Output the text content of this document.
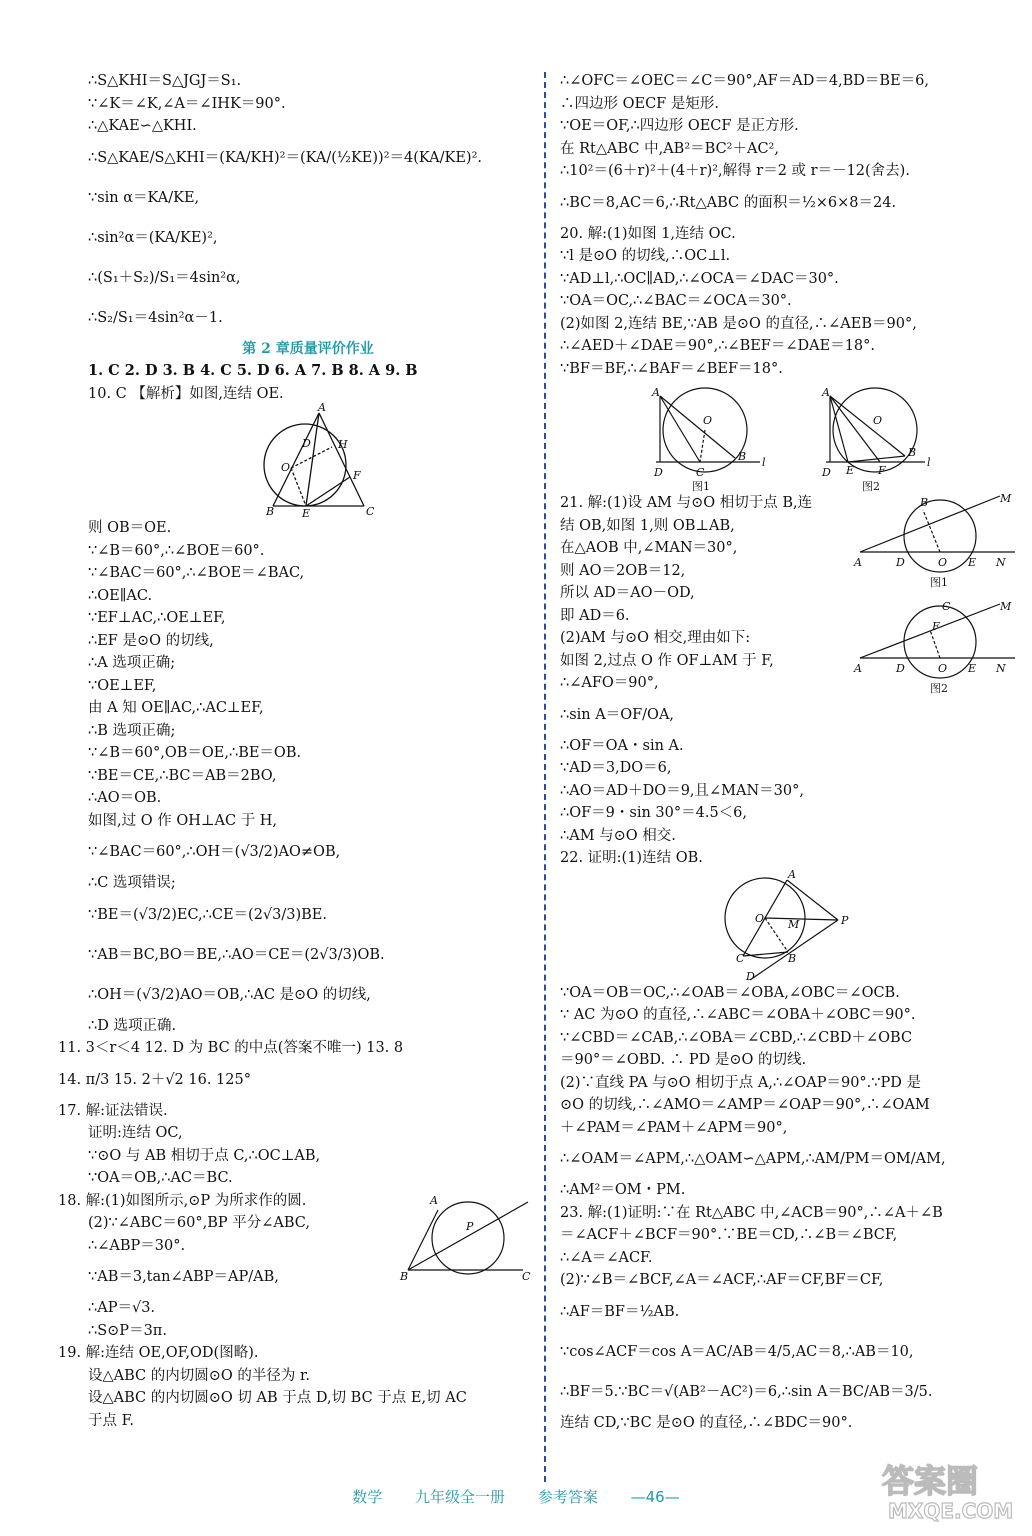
∴S△KHI＝S△JGJ＝S₁.
∵∠K＝∠K,∠A＝∠IHK＝90°.
∴△KAE∽△KHI.
∴S△KAE/S△KHI＝(KA/KH)²＝(KA/(½KE))²＝4(KA/KE)².
∵sin α＝KA/KE,
∴sin²α＝(KA/KE)²,
∴(S₁＋S₂)/S₁＝4sin²α,
∴S₂/S₁＝4sin²α－1.
第 2 章质量评价作业
1. C 2. D 3. B 4. C 5. D 6. A 7. B 8. A 9. B
10. C 【解析】如图,连结 OE.
A
D H
O
F
B	E	C
则 OB＝OE.
∵∠B＝60°,∴∠BOE＝60°.
∵∠BAC＝60°,∴∠BOE＝∠BAC,
∴OE∥AC.
∵EF⊥AC,∴OE⊥EF,
∴EF 是⊙O 的切线,
∴A 选项正确;
∵OE⊥EF,
由 A 知 OE∥AC,∴AC⊥EF,
∴B 选项正确;
∵∠B＝60°,OB＝OE,∴BE＝OB.
∵BE＝CE,∴BC＝AB＝2BO,
∴AO＝OB.
如图,过 O 作 OH⊥AC 于 H,
∵∠BAC＝60°,∴OH＝(√3/2)AO≠OB,
∴C 选项错误;
∵BE＝(√3/2)EC,∴CE＝(2√3/3)BE.
∵AB＝BC,BO＝BE,∴AO＝CE＝(2√3/3)OB.
∴OH＝(√3/2)AO＝OB,∴AC 是⊙O 的切线,
∴D 选项正确.
11. 3＜r＜4 12. D 为 BC 的中点(答案不唯一) 13. 8
14. π/3 15. 2＋√2 16. 125°
17. 解:证法错误.
证明:连结 OC,
∵⊙O 与 AB 相切于点 C,∴OC⊥AB,
∵OA＝OB,∴AC＝BC.
A
P
B	C
18. 解:(1)如图所示,⊙P 为所求作的圆.
(2)∵∠ABC＝60°,BP 平分∠ABC,
∴∠ABP＝30°.
∵AB＝3,tan∠ABP＝AP/AB,
∴AP＝√3.
∴S⊙P＝3π.
19. 解:连结 OE,OF,OD(图略).
设△ABC 的内切圆⊙O 的半径为 r.
设△ABC 的内切圆⊙O 切 AB 于点 D,切 BC 于点 E,切 AC
于点 F.
∴∠OFC＝∠OEC＝∠C＝90°,AF＝AD＝4,BD＝BE＝6,
∴四边形 OECF 是矩形.
∵OE＝OF,∴四边形 OECF 是正方形.
在 Rt△ABC 中,AB²＝BC²＋AC²,
∴10²＝(6＋r)²＋(4＋r)²,解得 r＝2 或 r＝－12(舍去).
∴BC＝8,AC＝6,∴Rt△ABC 的面积＝½×6×8＝24.
20. 解:(1)如图 1,连结 OC.
∵l 是⊙O 的切线,∴OC⊥l.
∵AD⊥l,∴OC∥AD,∴∠OCA＝∠DAC＝30°.
∵OA＝OC,∴∠BAC＝∠OCA＝30°.
(2)如图 2,连结 BE,∵AB 是⊙O 的直径,∴∠AEB＝90°,
∴∠AED＋∠DAE＝90°,∴∠BEF＝∠DAE＝18°.
∵BF＝BF,∴∠BAF＝∠BEF＝18°.
A
O
B
D	C
l
A
O
B
D E F
l
图1	图2
B	M
A	D	O E N
C	M
F
A	D	O E N
图1
图2
21. 解:(1)设 AM 与⊙O 相切于点 B,连
结 OB,如图 1,则 OB⊥AB,
在△AOB 中,∠MAN＝30°,
则 AO＝2OB＝12,
所以 AD＝AO－OD,
即 AD＝6.
(2)AM 与⊙O 相交,理由如下:
如图 2,过点 O 作 OF⊥AM 于 F,
∴∠AFO＝90°,
∴sin A＝OF/OA,
∴OF＝OA・sin A.
∵AD＝3,DO＝6,
∴AO＝AD＋DO＝9,且∠MAN＝30°,
∴OF＝9・sin 30°＝4.5＜6,
∴AM 与⊙O 相交.
22. 证明:(1)连结 OB.
A
O M	P
C	B
D
∵OA＝OB＝OC,∴∠OAB＝∠OBA,∠OBC＝∠OCB.
∵ AC 为⊙O 的直径,∴∠ABC＝∠OBA＋∠OBC＝90°.
∵∠CBD＝∠CAB,∴∠OBA＝∠CBD,∴∠CBD＋∠OBC
＝90°＝∠OBD. ∴ PD 是⊙O 的切线.
(2)∵直线 PA 与⊙O 相切于点 A,∴∠OAP＝90°.∵PD 是
⊙O 的切线,∴∠AMO＝∠AMP＝∠OAP＝90°,∴∠OAM
＋∠PAM＝∠PAM＋∠APM＝90°,
∴∠OAM＝∠APM,∴△OAM∽△APM,∴AM/PM＝OM/AM,
∴AM²＝OM・PM.
23. 解:(1)证明:∵在 Rt△ABC 中,∠ACB＝90°,∴∠A＋∠B
＝∠ACF＋∠BCF＝90°.∵BE＝CD,∴∠B＝∠BCF,
∴∠A＝∠ACF.
(2)∵∠B＝∠BCF,∠A＝∠ACF,∴AF＝CF,BF＝CF,
∴AF＝BF＝½AB.
∵cos∠ACF＝cos A＝AC/AB＝4/5,AC＝8,∴AB＝10,
∴BF＝5.∵BC＝√(AB²－AC²)＝6,∴sin A＝BC/AB＝3/5.
连结 CD,∵BC 是⊙O 的直径,∴∠BDC＝90°.
数学 九年级全一册 参考答案 —46—	答案圈
MXQE.COM
